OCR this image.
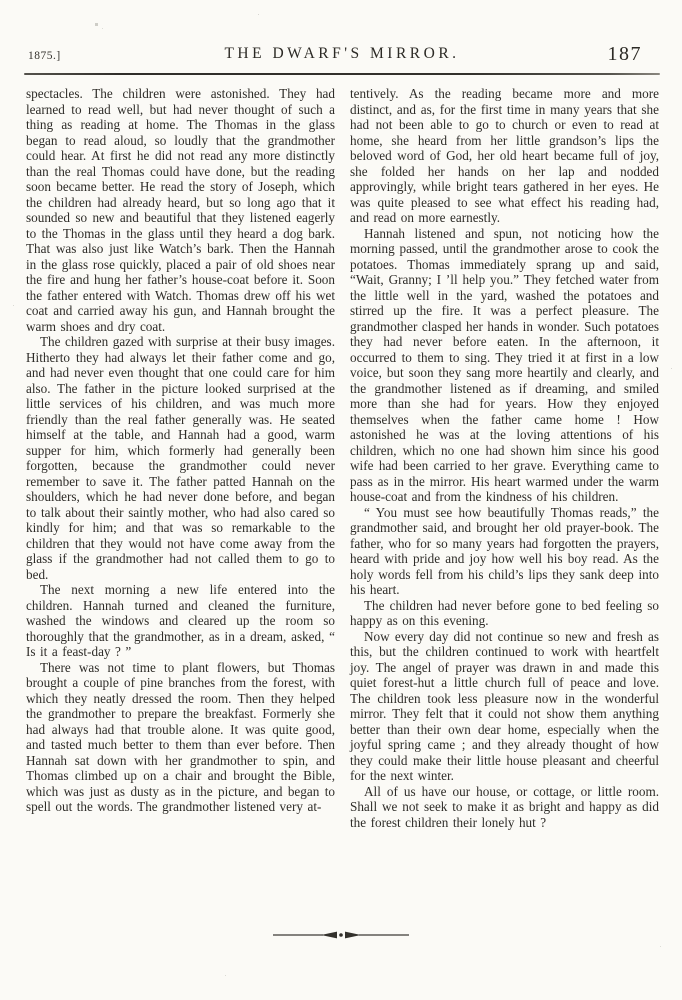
1875.]	THE DWARF'S MIRROR.	187

spectacles. The children were astonished. They had learned to read well, but had never thought of such a thing as reading at home. The Thomas in the glass began to read aloud, so loudly that the grandmother could hear. At first he did not read any more distinctly than the real Thomas could have done, but the reading soon became better. He read the story of Joseph, which the children had already heard, but so long ago that it sounded so new and beautiful that they listened eagerly to the Thomas in the glass until they heard a dog bark. That was also just like Watch’s bark. Then the Hannah in the glass rose quickly, placed a pair of old shoes near the fire and hung her father’s house-coat before it. Soon the father entered with Watch. Thomas drew off his wet coat and carried away his gun, and Hannah brought the warm shoes and dry coat.

The children gazed with surprise at their busy images. Hitherto they had always let their father come and go, and had never even thought that one could care for him also. The father in the picture looked surprised at the little services of his children, and was much more friendly than the real father generally was. He seated himself at the table, and Hannah had a good, warm supper for him, which formerly had generally been forgotten, because the grandmother could never remember to save it. The father patted Hannah on the shoulders, which he had never done before, and began to talk about their saintly mother, who had also cared so kindly for him; and that was so remarkable to the children that they would not have come away from the glass if the grandmother had not called them to go to bed.

The next morning a new life entered into the children. Hannah turned and cleaned the furniture, washed the windows and cleared up the room so thoroughly that the grandmother, as in a dream, asked, “ Is it a feast-day ? ”

There was not time to plant flowers, but Thomas brought a couple of pine branches from the forest, with which they neatly dressed the room. Then they helped the grandmother to prepare the breakfast. Formerly she had always had that trouble alone. It was quite good, and tasted much better to them than ever before. Then Hannah sat down with her grandmother to spin, and Thomas climbed up on a chair and brought the Bible, which was just as dusty as in the picture, and began to spell out the words. The grandmother listened very at-

tentively. As the reading became more and more distinct, and as, for the first time in many years that she had not been able to go to church or even to read at home, she heard from her little grandson’s lips the beloved word of God, her old heart became full of joy, she folded her hands on her lap and nodded approvingly, while bright tears gathered in her eyes. He was quite pleased to see what effect his reading had, and read on more earnestly.

Hannah listened and spun, not noticing how the morning passed, until the grandmother arose to cook the potatoes. Thomas immediately sprang up and said, “Wait, Granny; I ’ll help you.” They fetched water from the little well in the yard, washed the potatoes and stirred up the fire. It was a perfect pleasure. The grandmother clasped her hands in wonder. Such potatoes they had never before eaten. In the afternoon, it occurred to them to sing. They tried it at first in a low voice, but soon they sang more heartily and clearly, and the grandmother listened as if dreaming, and smiled more than she had for years. How they enjoyed themselves when the father came home ! How astonished he was at the loving attentions of his children, which no one had shown him since his good wife had been carried to her grave. Everything came to pass as in the mirror. His heart warmed under the warm house-coat and from the kindness of his children.

“ You must see how beautifully Thomas reads,” the grandmother said, and brought her old prayer-book. The father, who for so many years had forgotten the prayers, heard with pride and joy how well his boy read. As the holy words fell from his child’s lips they sank deep into his heart.

The children had never before gone to bed feeling so happy as on this evening.

Now every day did not continue so new and fresh as this, but the children continued to work with heartfelt joy. The angel of prayer was drawn in and made this quiet forest-hut a little church full of peace and love. The children took less pleasure now in the wonderful mirror. They felt that it could not show them anything better than their own dear home, especially when the joyful spring came ; and they already thought of how they could make their little house pleasant and cheerful for the next winter.

All of us have our house, or cottage, or little room. Shall we not seek to make it as bright and happy as did the forest children their lonely hut ?
